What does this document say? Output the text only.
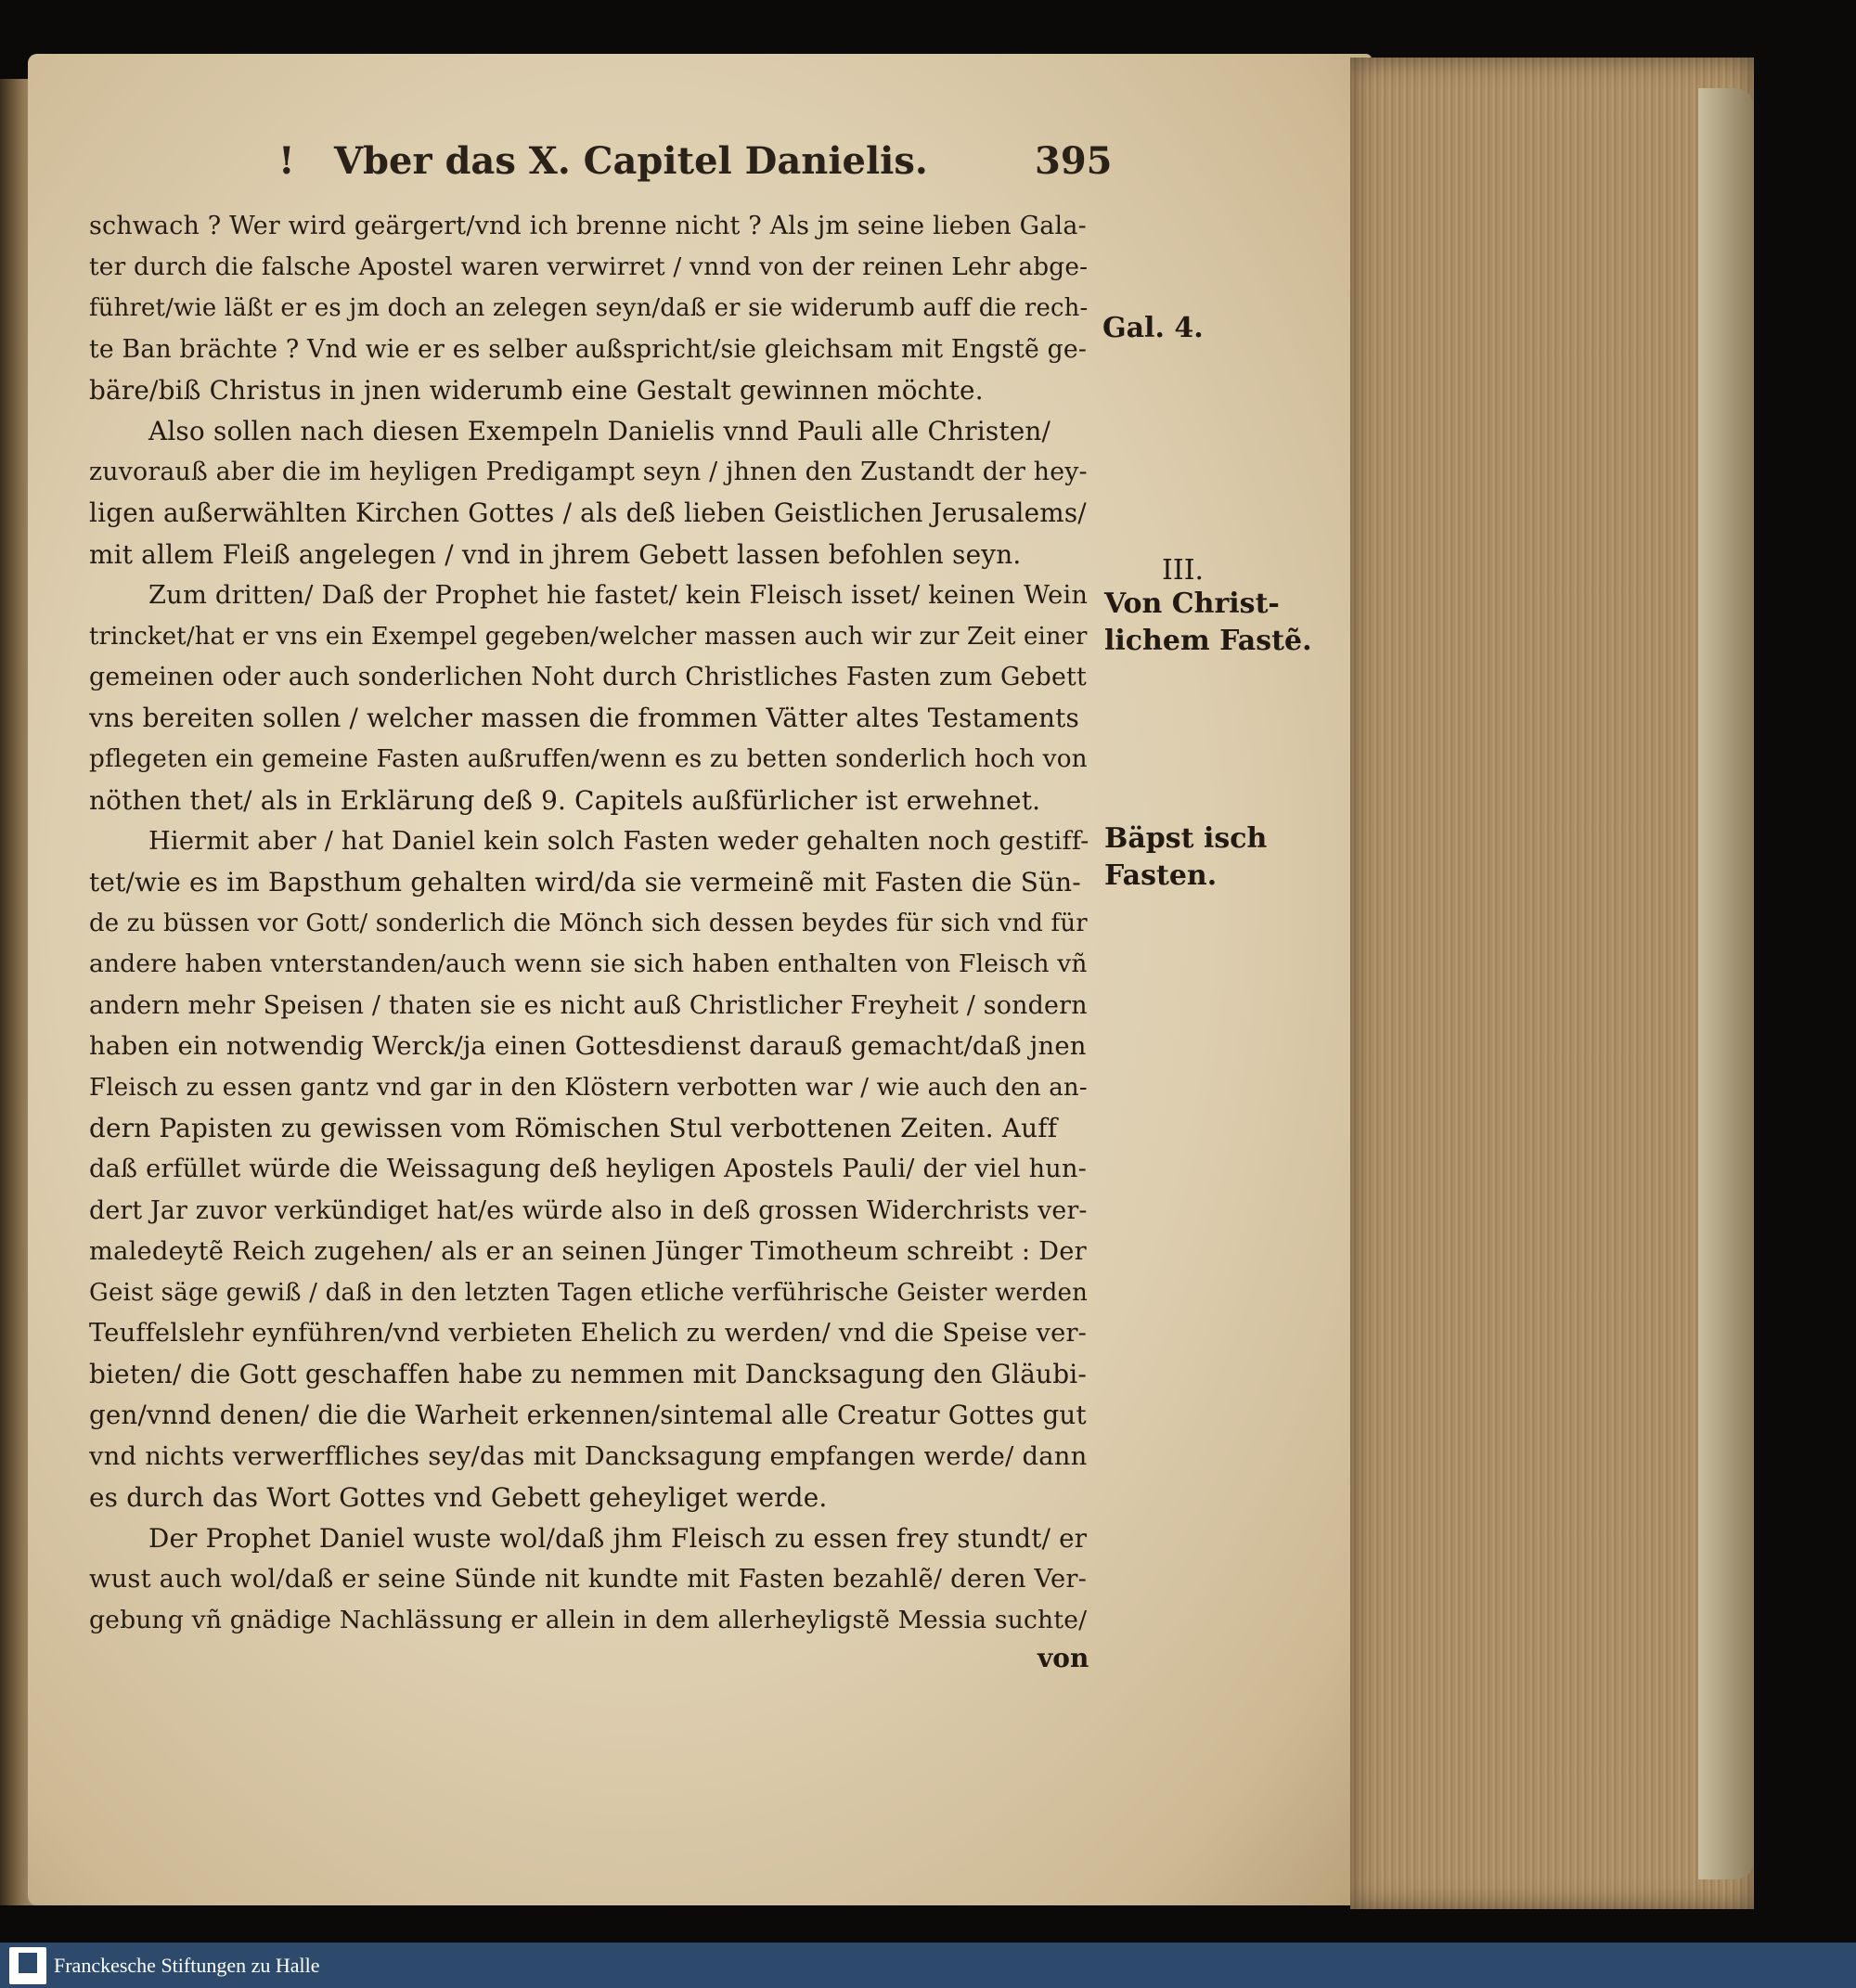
! Vber das X. Capitel Danielis.	395
schwach ? Wer wird geärgert/vnd ich brenne nicht ? Als jm seine lieben Gala-
ter durch die falsche Apostel waren verwirret / vnnd von der reinen Lehr abge-
führet/wie läßt er es jm doch an zelegen seyn/daß er sie widerumb auff die rech-
te Ban brächte ? Vnd wie er es selber außspricht/sie gleichsam mit Engstẽ ge-
bäre/biß Christus in jnen widerumb eine Gestalt gewinnen möchte.
Also sollen nach diesen Exempeln Danielis vnnd Pauli alle Christen/
zuvorauß aber die im heyligen Predigampt seyn / jhnen den Zustandt der hey-
ligen außerwählten Kirchen Gottes / als deß lieben Geistlichen Jerusalems/
mit allem Fleiß angelegen / vnd in jhrem Gebett lassen befohlen seyn.
Zum dritten/ Daß der Prophet hie fastet/ kein Fleisch isset/ keinen Wein
trincket/hat er vns ein Exempel gegeben/welcher massen auch wir zur Zeit einer
gemeinen oder auch sonderlichen Noht durch Christliches Fasten zum Gebett
vns bereiten sollen / welcher massen die frommen Vätter altes Testaments
pflegeten ein gemeine Fasten außruffen/wenn es zu betten sonderlich hoch von
nöthen thet/ als in Erklärung deß 9. Capitels außfürlicher ist erwehnet.
Hiermit aber / hat Daniel kein solch Fasten weder gehalten noch gestiff-
tet/wie es im Bapsthum gehalten wird/da sie vermeinẽ mit Fasten die Sün-
de zu büssen vor Gott/ sonderlich die Mönch sich dessen beydes für sich vnd für
andere haben vnterstanden/auch wenn sie sich haben enthalten von Fleisch vñ
andern mehr Speisen / thaten sie es nicht auß Christlicher Freyheit / sondern
haben ein notwendig Werck/ja einen Gottesdienst darauß gemacht/daß jnen
Fleisch zu essen gantz vnd gar in den Klöstern verbotten war / wie auch den an-
dern Papisten zu gewissen vom Römischen Stul verbottenen Zeiten. Auff
daß erfüllet würde die Weissagung deß heyligen Apostels Pauli/ der viel hun-
dert Jar zuvor verkündiget hat/es würde also in deß grossen Widerchrists ver-
maledeytẽ Reich zugehen/ als er an seinen Jünger Timotheum schreibt : Der
Geist säge gewiß / daß in den letzten Tagen etliche verführische Geister werden
Teuffelslehr eynführen/vnd verbieten Ehelich zu werden/ vnd die Speise ver-
bieten/ die Gott geschaffen habe zu nemmen mit Dancksagung den Gläubi-
gen/vnnd denen/ die die Warheit erkennen/sintemal alle Creatur Gottes gut
vnd nichts verwerffliches sey/das mit Dancksagung empfangen werde/ dann
es durch das Wort Gottes vnd Gebett geheyliget werde.
Der Prophet Daniel wuste wol/daß jhm Fleisch zu essen frey stundt/ er
wust auch wol/daß er seine Sünde nit kundte mit Fasten bezahlẽ/ deren Ver-
gebung vñ gnädige Nachlässung er allein in dem allerheyligstẽ Messia suchte/
Gal. 4.
III.
Von Christ-
lichem Fastẽ.
Bäpst isch
Fasten.
von
Franckesche Stiftungen zu Halle
